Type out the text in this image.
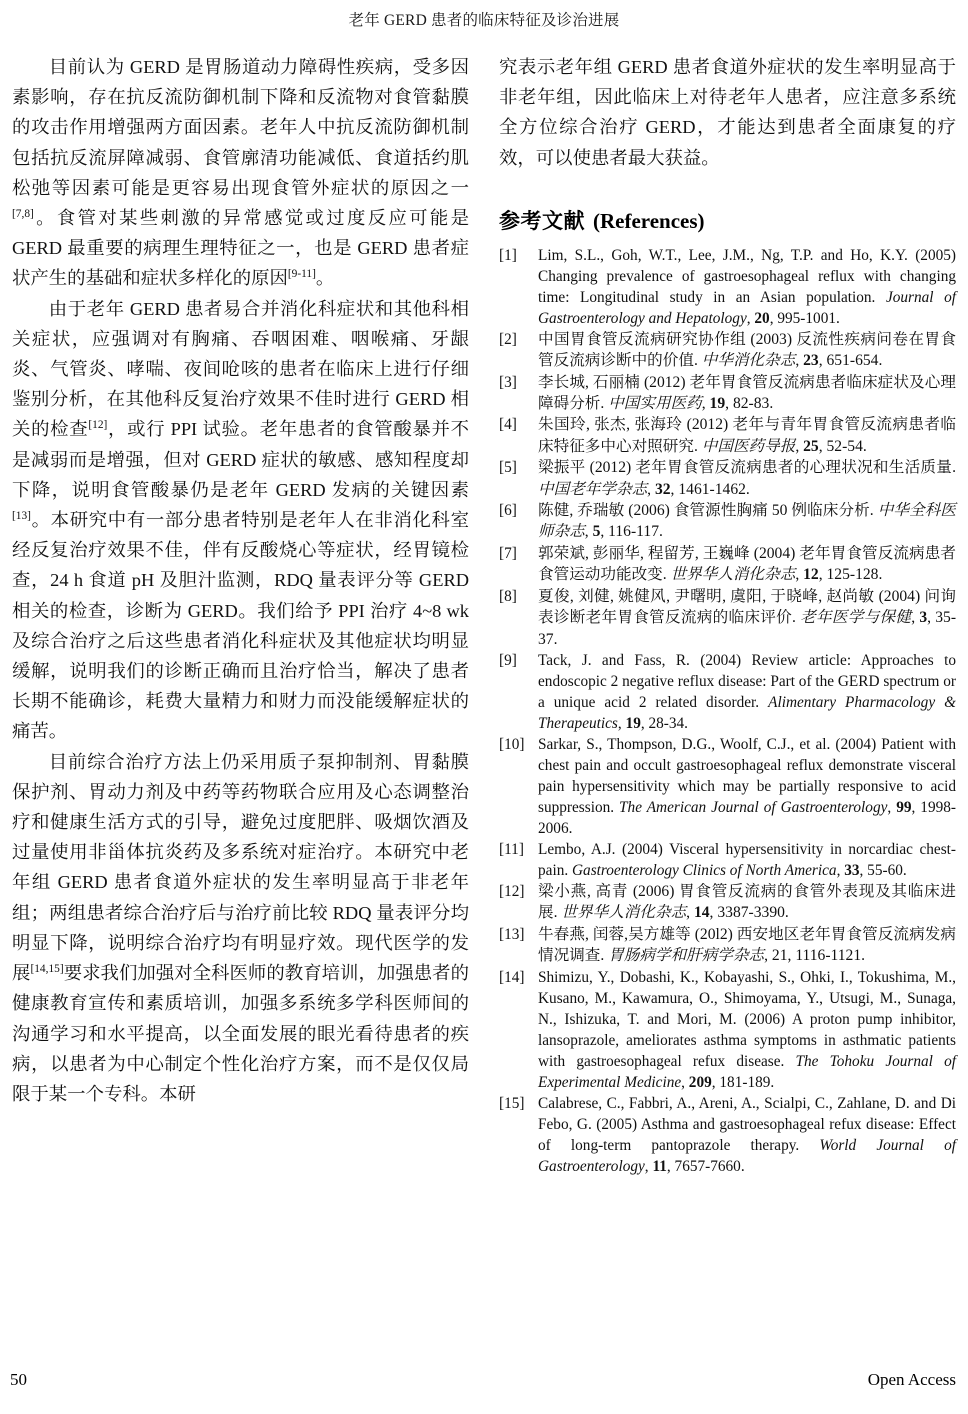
老年 GERD 患者的临床特征及诊治进展

目前认为 GERD 是胃肠道动力障碍性疾病，受多因素影响，存在抗反流防御机制下降和反流物对食管黏膜的攻击作用增强两方面因素。老年人中抗反流防御机制包括抗反流屏障减弱、食管廓清功能减低、食道括约肌松弛等因素可能是更容易出现食管外症状的原因之一[7,8]。食管对某些刺激的异常感觉或过度反应可能是 GERD 最重要的病理生理特征之一，也是 GERD 患者症状产生的基础和症状多样化的原因[9-11]。

由于老年 GERD 患者易合并消化科症状和其他科相关症状，应强调对有胸痛、吞咽困难、咽喉痛、牙龈炎、气管炎、哮喘、夜间呛咳的患者在临床上进行仔细鉴别分析，在其他科反复治疗效果不佳时进行 GERD 相关的检查[12]，或行 PPI 试验。老年患者的食管酸暴并不是减弱而是增强，但对 GERD 症状的敏感、感知程度却下降，说明食管酸暴仍是老年 GERD 发病的关键因素[13]。本研究中有一部分患者特别是老年人在非消化科室经反复治疗效果不佳，伴有反酸烧心等症状，经胃镜检查，24 h 食道 pH 及胆汁监测，RDQ 量表评分等 GERD 相关的检查，诊断为 GERD。我们给予 PPI 治疗 4~8 wk 及综合治疗之后这些患者消化科症状及其他症状均明显缓解，说明我们的诊断正确而且治疗恰当，解决了患者长期不能确诊，耗费大量精力和财力而没能缓解症状的痛苦。

目前综合治疗方法上仍采用质子泵抑制剂、胃黏膜保护剂、胃动力剂及中药等药物联合应用及心态调整治疗和健康生活方式的引导，避免过度肥胖、吸烟饮酒及过量使用非甾体抗炎药及多系统对症治疗。本研究中老年组 GERD 患者食道外症状的发生率明显高于非老年组；两组患者综合治疗后与治疗前比较 RDQ 量表评分均明显下降，说明综合治疗均有明显疗效。现代医学的发展[14,15]要求我们加强对全科医师的教育培训，加强患者的健康教育宣传和素质培训，加强多系统多学科医师间的沟通学习和水平提高，以全面发展的眼光看待患者的疾病，以患者为中心制定个性化治疗方案，而不是仅仅局限于某一个专科。本研

究表示老年组 GERD 患者食道外症状的发生率明显高于非老年组，因此临床上对待老年人患者，应注意多系统全方位综合治疗 GERD，才能达到患者全面康复的疗效，可以使患者最大获益。

参考文献 (References)
[1]	Lim, S.L., Goh, W.T., Lee, J.M., Ng, T.P. and Ho, K.Y. (2005) Changing prevalence of gastroesophageal reflux with changing time: Longitudinal study in an Asian population. Journal of Gastroenterology and Hepatology, 20, 995-1001.
[2]	中国胃食管反流病研究协作组 (2003) 反流性疾病问卷在胃食管反流病诊断中的价值. 中华消化杂志, 23, 651-654.
[3]	李长城, 石丽楠 (2012) 老年胃食管反流病患者临床症状及心理障碍分析. 中国实用医药, 19, 82-83.
[4]	朱国玲, 张杰, 张海玲 (2012) 老年与青年胃食管反流病患者临床特征多中心对照研究. 中国医药导报, 25, 52-54.
[5]	梁振平 (2012) 老年胃食管反流病患者的心理状况和生活质量. 中国老年学杂志, 32, 1461-1462.
[6]	陈健, 乔瑞敏 (2006) 食管源性胸痛 50 例临床分析. 中华全科医师杂志, 5, 116-117.
[7]	郭荣斌, 彭丽华, 程留芳, 王巍峰 (2004) 老年胃食管反流病患者食管运动功能改变. 世界华人消化杂志, 12, 125-128.
[8]	夏俊, 刘健, 姚健风, 尹曙明, 虞阳, 于晓峰, 赵尚敏 (2004) 问询表诊断老年胃食管反流病的临床评价. 老年医学与保健, 3, 35-37.
[9]	Tack, J. and Fass, R. (2004) Review article: Approaches to endoscopic 2 negative reflux disease: Part of the GERD spectrum or a unique acid 2 related disorder. Alimentary Pharmacology & Therapeutics, 19, 28-34.
[10] Sarkar, S., Thompson, D.G., Woolf, C.J., et al. (2004) Patient with chest pain and occult gastroesophageal reflux demonstrate visceral pain hypersensitivity which may be partially responsive to acid suppression. The American Journal of Gastroenterology, 99, 1998-2006.
[11] Lembo, A.J. (2004) Visceral hypersensitivity in norcardiac chest-pain. Gastroenterology Clinics of North America, 33, 55-60.
[12] 梁小燕, 高青 (2006) 胃食管反流病的食管外表现及其临床进展. 世界华人消化杂志, 14, 3387-3390.
[13] 牛春燕, 闰蓉,吴方雄等 (20l2) 西安地区老年胃食管反流病发病情况调查. 胃肠病学和肝病学杂志, 21, 1116-1121.
[14] Shimizu, Y., Dobashi, K., Kobayashi, S., Ohki, I., Tokushima, M., Kusano, M., Kawamura, O., Shimoyama, Y., Utsugi, M., Sunaga, N., Ishizuka, T. and Mori, M. (2006) A proton pump inhibitor, lansoprazole, ameliorates asthma symptoms in asthmatic patients with gastroesophageal refux disease. The Tohoku Journal of Experimental Medicine, 209, 181-189.
[15] Calabrese, C., Fabbri, A., Areni, A., Scialpi, C., Zahlane, D. and Di Febo, G. (2005) Asthma and gastroesophageal refux disease: Effect of long-term pantoprazole therapy. World Journal of Gastroenterology, 11, 7657-7660.
50	Open Access
